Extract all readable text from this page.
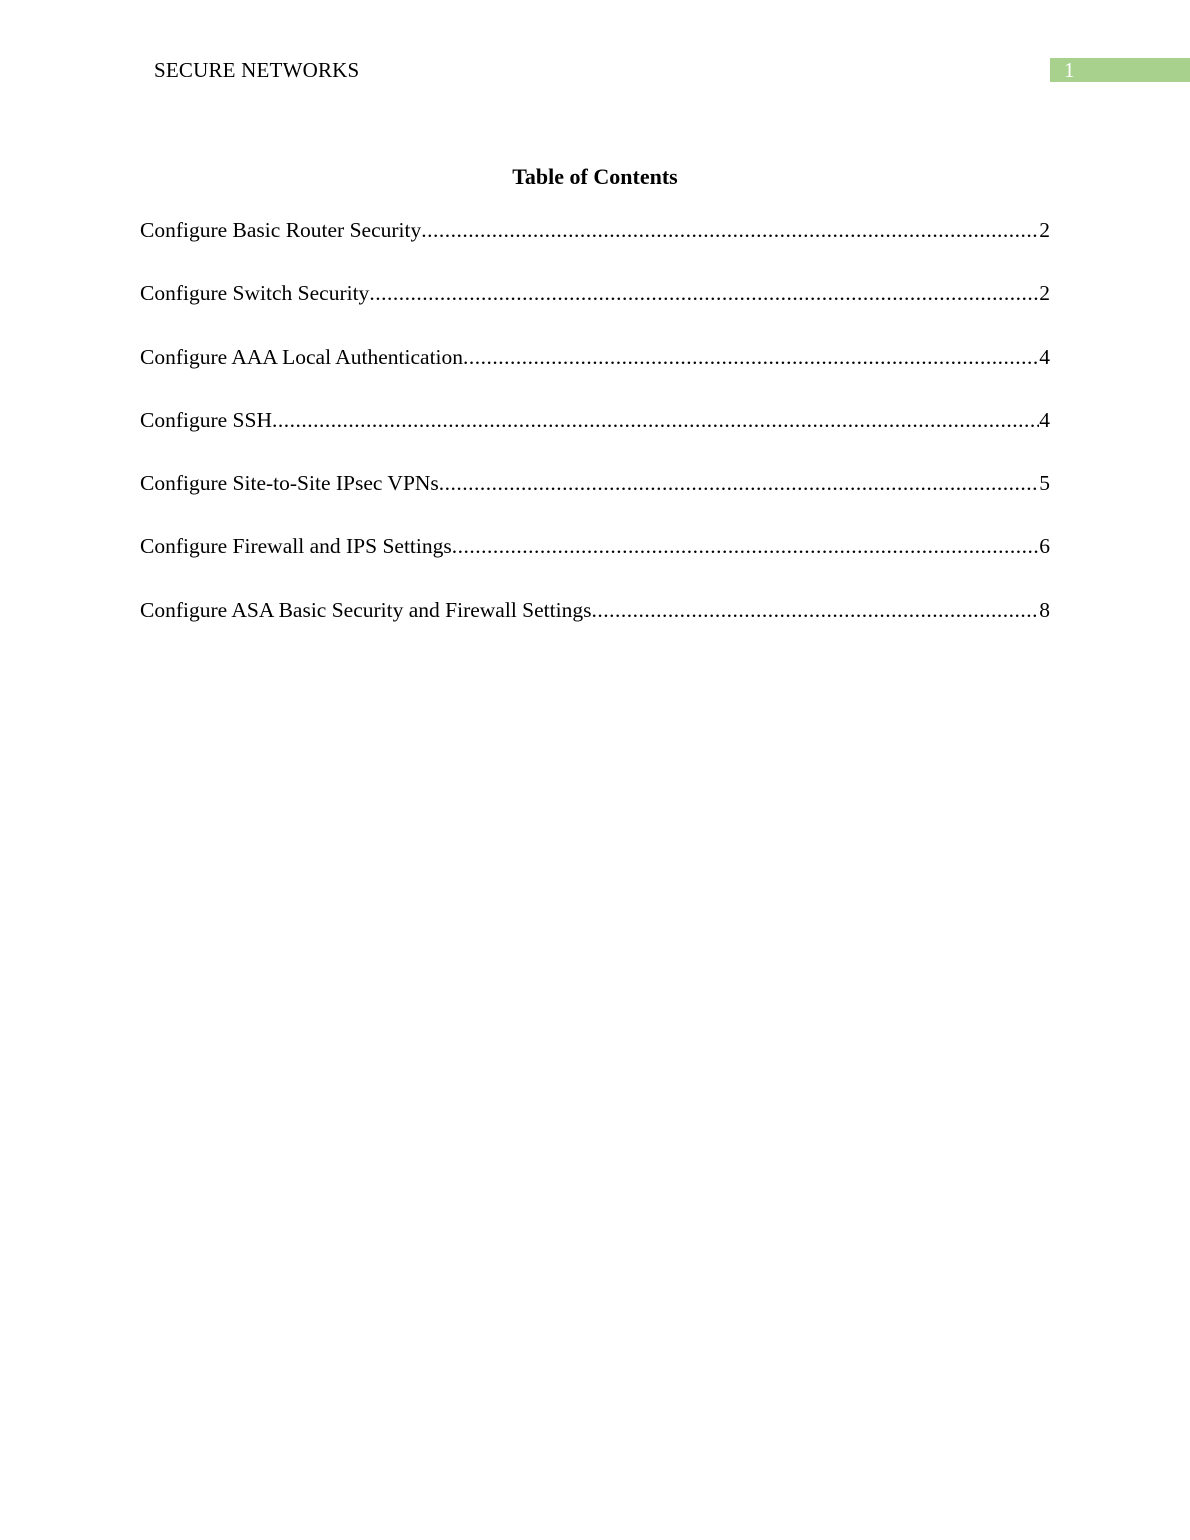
SECURE NETWORKS	1
Table of Contents
Configure Basic Router Security .....	2
Configure Switch Security .....	2
Configure AAA Local Authentication .....	4
Configure SSH .....	4
Configure Site-to-Site IPsec VPNs .....	5
Configure Firewall and IPS Settings .....	6
Configure ASA Basic Security and Firewall Settings .....	8
